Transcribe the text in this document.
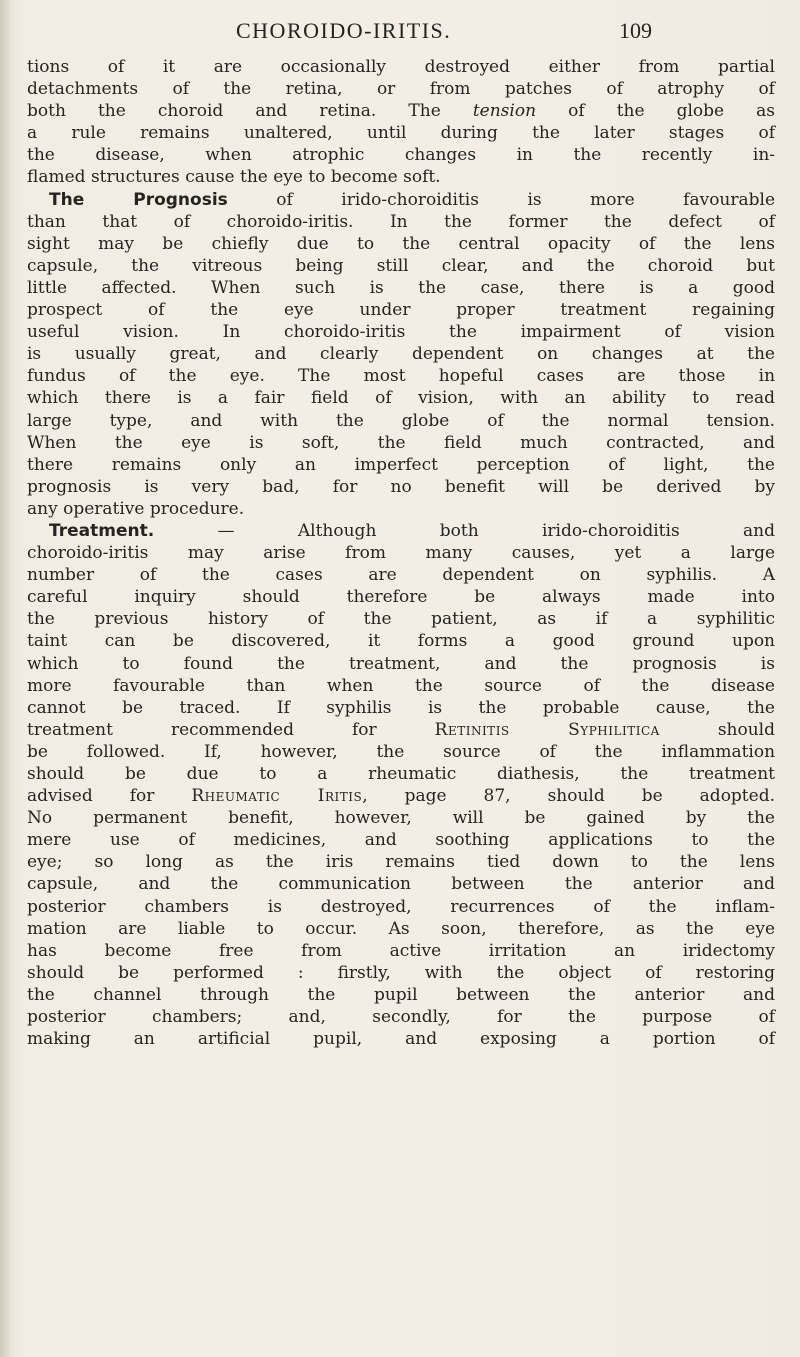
CHOROIDO-IRITIS.	109
tions of it are occasionally destroyed either from partial
detachments of the retina, or from patches of atrophy of
both the choroid and retina. The tension of the globe as
a rule remains unaltered, until during the later stages of
the disease, when atrophic changes in the recently in-
flamed structures cause the eye to become soft.
The Prognosis of irido-choroiditis is more favourable
than that of choroido-iritis. In the former the defect of
sight may be chiefly due to the central opacity of the lens
capsule, the vitreous being still clear, and the choroid but
little affected. When such is the case, there is a good
prospect of the eye under proper treatment regaining
useful vision. In choroido-iritis the impairment of vision
is usually great, and clearly dependent on changes at the
fundus of the eye. The most hopeful cases are those in
which there is a fair field of vision, with an ability to read
large type, and with the globe of the normal tension.
When the eye is soft, the field much contracted, and
there remains only an imperfect perception of light, the
prognosis is very bad, for no benefit will be derived by
any operative procedure.
Treatment. — Although both irido-choroiditis and
choroido-iritis may arise from many causes, yet a large
number of the cases are dependent on syphilis. A
careful inquiry should therefore be always made into
the previous history of the patient, as if a syphilitic
taint can be discovered, it forms a good ground upon
which to found the treatment, and the prognosis is
more favourable than when the source of the disease
cannot be traced. If syphilis is the probable cause, the
treatment recommended for Retinitis Syphilitica should
be followed. If, however, the source of the inflammation
should be due to a rheumatic diathesis, the treatment
advised for Rheumatic Iritis, page 87, should be adopted.
No permanent benefit, however, will be gained by the
mere use of medicines, and soothing applications to the
eye; so long as the iris remains tied down to the lens
capsule, and the communication between the anterior and
posterior chambers is destroyed, recurrences of the inflam-
mation are liable to occur. As soon, therefore, as the eye
has become free from active irritation an iridectomy
should be performed : firstly, with the object of restoring
the channel through the pupil between the anterior and
posterior chambers; and, secondly, for the purpose of
making an artificial pupil, and exposing a portion of
